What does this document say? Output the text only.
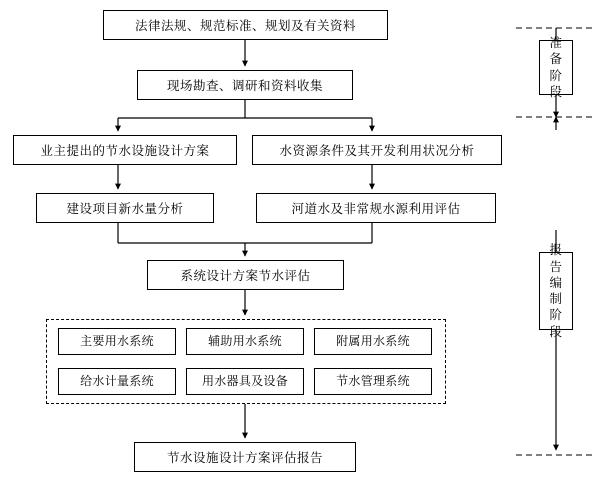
法律法规、规范标准、规划及有关资料
现场勘查、调研和资料收集
业主提出的节水设施设计方案	水资源条件及其开发利用状况分析
建设项目新水量分析	河道水及非常规水源利用评估
系统设计方案节水评估
主要用水系统	辅助用水系统	附属用水系统
给水计量系统	用水器具及设备	节水管理系统
节水设施设计方案评估报告
准
备
阶
段
报
告
编
制
阶
段
